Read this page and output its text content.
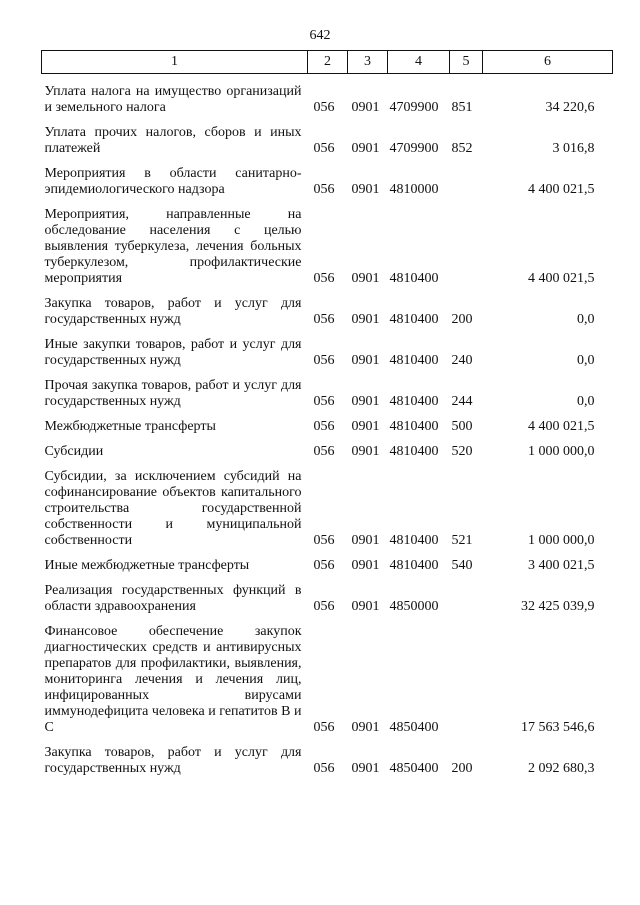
642
1	2	3	4	5	6
Уплата налога на имущество организаций и земельного налога	056	0901	4709900	851	34 220,6

Уплата прочих налогов, сборов и иных платежей	056	0901	4709900	852	3 016,8

Мероприятия в области санитарно-эпидемиологического надзора	056	0901	4810000		4 400 021,5

Мероприятия, направленные на обследование населения с целью выявления туберкулеза, лечения больных туберкулезом, профилактические мероприятия	056	0901	4810400		4 400 021,5

Закупка товаров, работ и услуг для государственных нужд	056	0901	4810400	200	0,0

Иные закупки товаров, работ и услуг для государственных нужд	056	0901	4810400	240	0,0

Прочая закупка товаров, работ и услуг для государственных нужд	056	0901	4810400	244	0,0

Межбюджетные трансферты	056	0901	4810400	500	4 400 021,5

Субсидии	056	0901	4810400	520	1 000 000,0

Субсидии, за исключением субсидий на софинансирование объектов капитального строительства государственной собственности и муниципальной собственности	056	0901	4810400	521	1 000 000,0

Иные межбюджетные трансферты	056	0901	4810400	540	3 400 021,5

Реализация государственных функций в области здравоохранения	056	0901	4850000		32 425 039,9

Финансовое обеспечение закупок диагностических средств и антивирусных препаратов для профилактики, выявления, мониторинга лечения и лечения лиц, инфицированных вирусами иммунодефицита человека и гепатитов В и С	056	0901	4850400		17 563 546,6

Закупка товаров, работ и услуг для государственных нужд	056	0901	4850400	200	2 092 680,3
